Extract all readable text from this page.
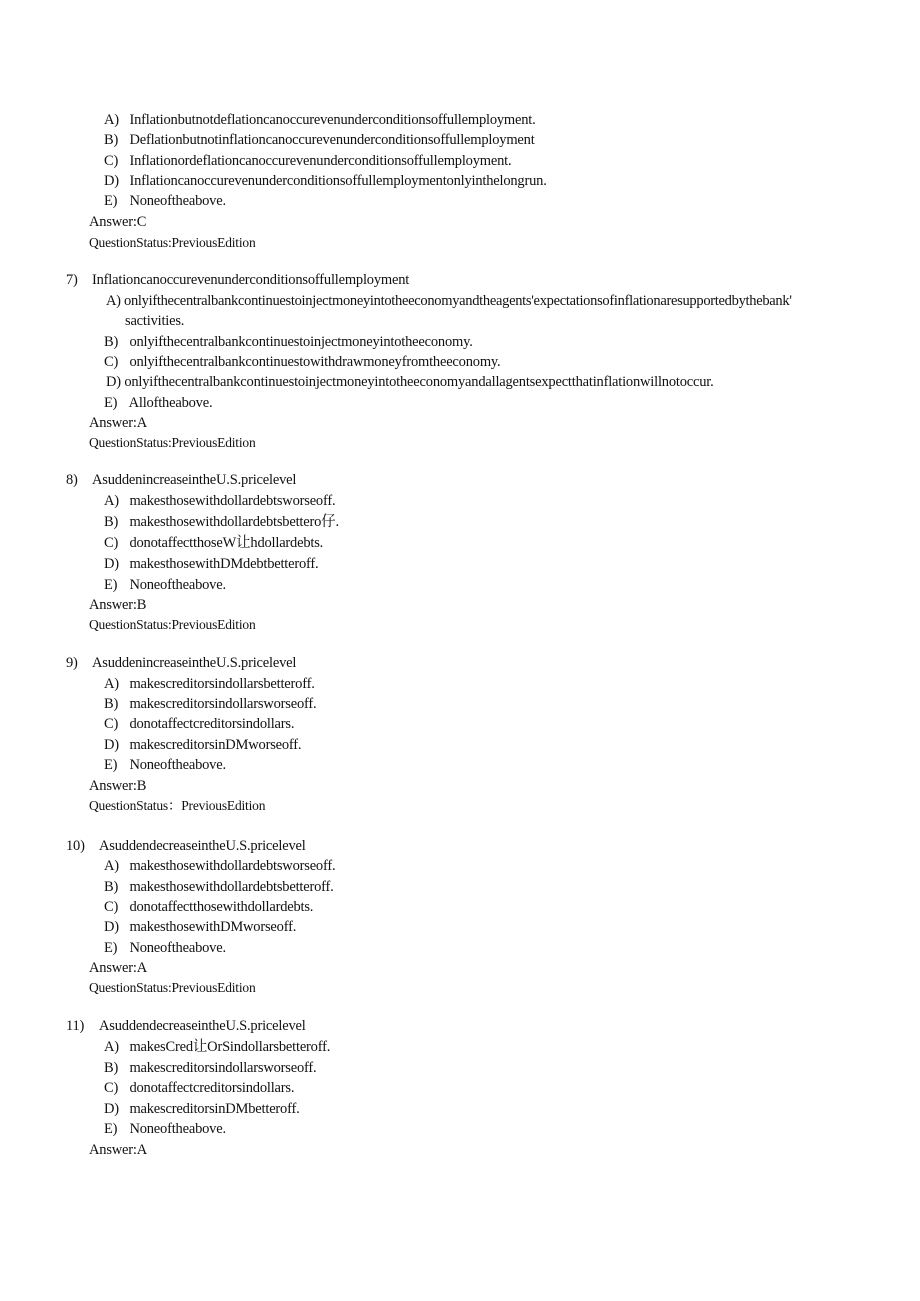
A) Inflationbutnotdeflationcanoccurevenunderconditionsoffullemployment.
B) Deflationbutnotinflationcanoccurevenunderconditionsoffullemployment
C) Inflationordeflationcanoccurevenunderconditionsoffullemployment.
D) Inflationcanoccurevenunderconditionsoffullemploymentonlyinthelongrun.
E) Noneoftheabove.
Answer:C
QuestionStatus:PreviousEdition
7) Inflationcanoccurevenunderconditionsoffullemployment
A) onlyifthecentralbankcontinuestoinjectmoneyintotheeconomyandtheagents'expectationsofinflationaresupportedbythebank'
sactivities.
B) onlyifthecentralbankcontinuestoinjectmoneyintotheeconomy.
C) onlyifthecentralbankcontinuestowithdrawmoneyfromtheeconomy.
D) onlyifthecentralbankcontinuestoinjectmoneyintotheeconomyandallagentsexpectthatinflationwillnotoccur.
E) Alloftheabove.
Answer:A
QuestionStatus:PreviousEdition
8) AsuddenincreaseintheU.S.pricelevel
A) makesthosewithdollardebtsworseoff.
B) makesthosewithdollardebtsbettero仔.
C) donotaffectthoseW让hdollardebts.
D) makesthosewithDMdebtbetteroff.
E) Noneoftheabove.
Answer:B
QuestionStatus:PreviousEdition
9) AsuddenincreaseintheU.S.pricelevel
A) makescreditorsindollarsbetteroff.
B) makescreditorsindollarsworseoff.
C) donotaffectcreditorsindollars.
D) makescreditorsinDMworseoff.
E) Noneoftheabove.
Answer:B
QuestionStatus：PreviousEdition
10) AsuddendecreaseintheU.S.pricelevel
A) makesthosewithdollardebtsworseoff.
B) makesthosewithdollardebtsbetteroff.
C) donotaffectthosewithdollardebts.
D) makesthosewithDMworseoff.
E) Noneoftheabove.
Answer:A
QuestionStatus:PreviousEdition
11) AsuddendecreaseintheU.S.pricelevel
A) makesCred让OrSindollarsbetteroff.
B) makescreditorsindollarsworseoff.
C) donotaffectcreditorsindollars.
D) makescreditorsinDMbetteroff.
E) Noneoftheabove.
Answer:A
